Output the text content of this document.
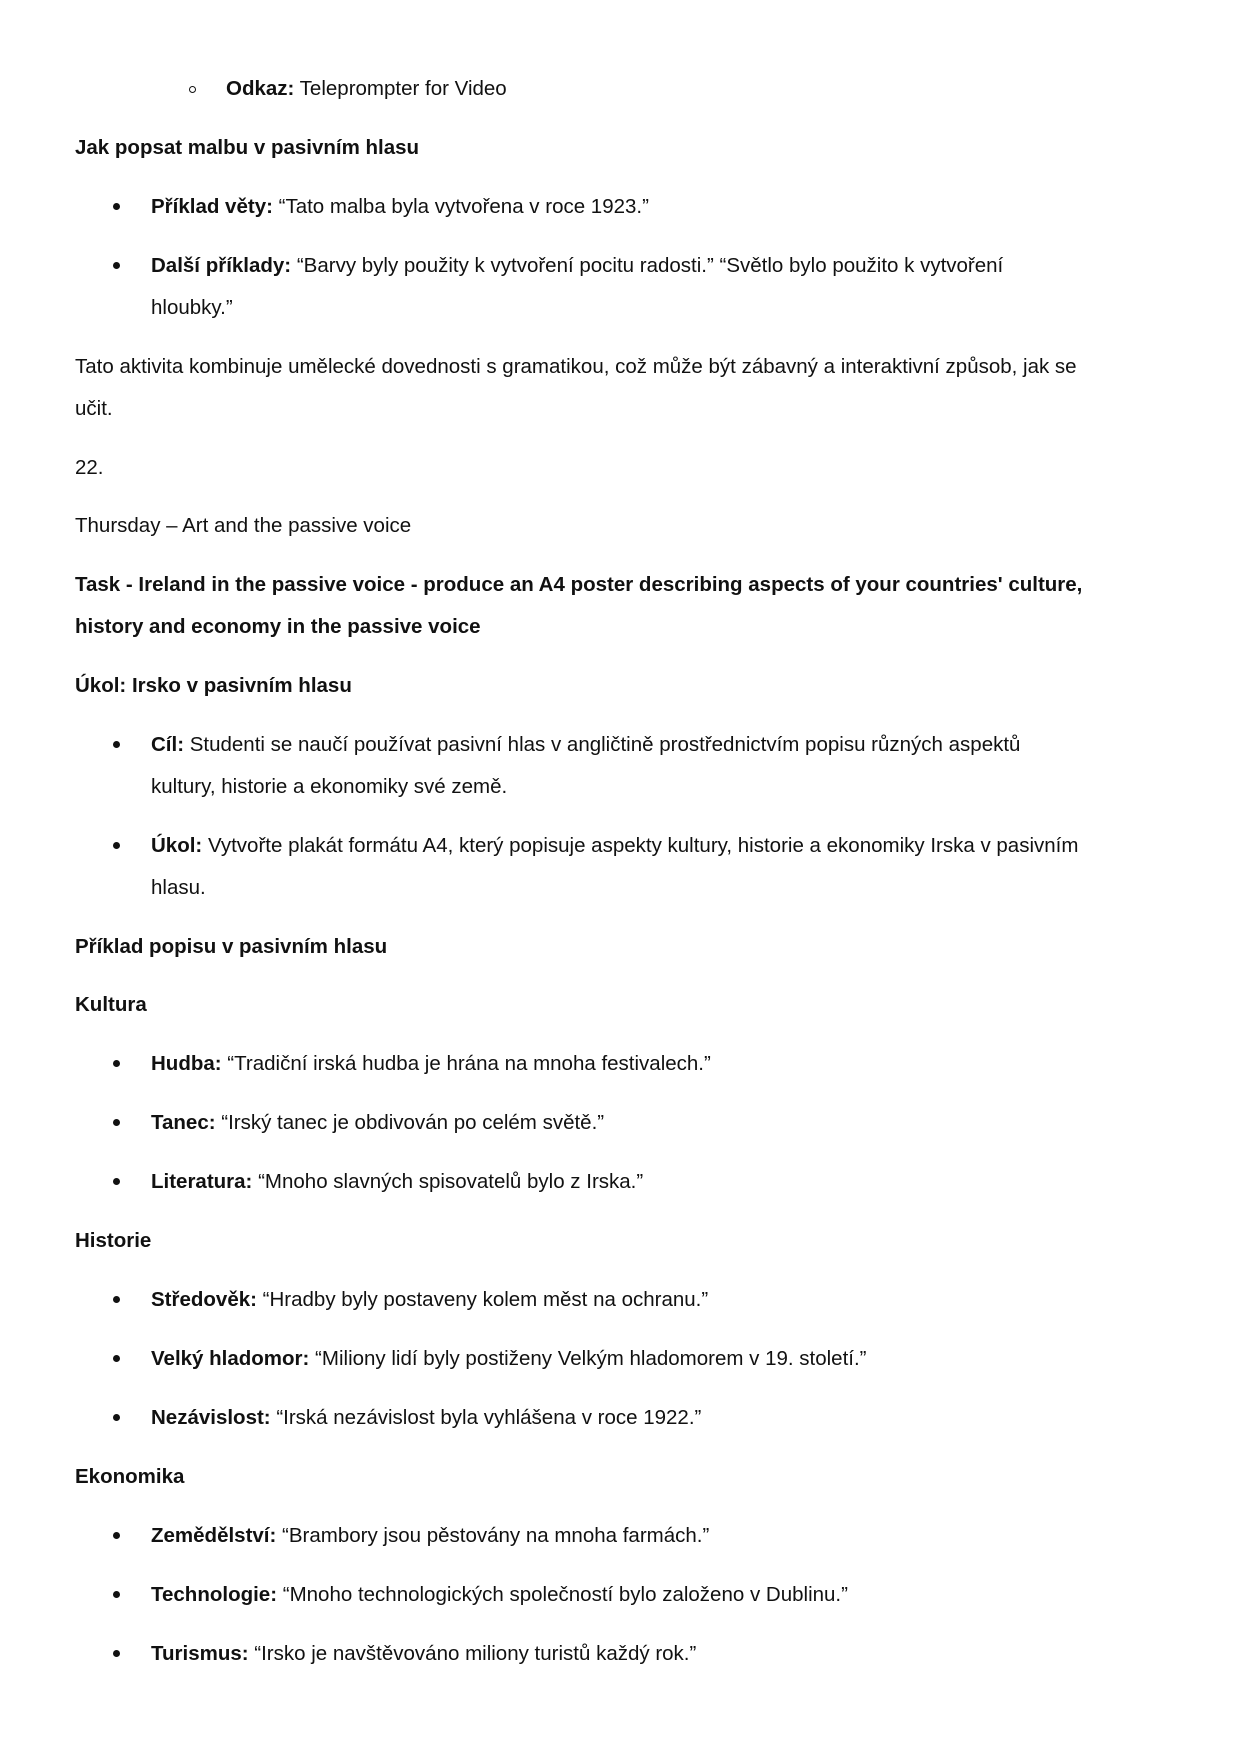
Odkaz: Teleprompter for Video
Jak popsat malbu v pasivním hlasu
Příklad věty: “Tato malba byla vytvořena v roce 1923.”
Další příklady: “Barvy byly použity k vytvoření pocitu radosti.” “Světlo bylo použito k vytvoření
hloubky.”
Tato aktivita kombinuje umělecké dovednosti s gramatikou, což může být zábavný a interaktivní způsob, jak se
učit.
22.
Thursday – Art and the passive voice
Task - Ireland in the passive voice - produce an A4 poster describing aspects of your countries' culture,
history and economy in the passive voice
Úkol: Irsko v pasivním hlasu
Cíl: Studenti se naučí používat pasivní hlas v angličtině prostřednictvím popisu různých aspektů
kultury, historie a ekonomiky své země.
Úkol: Vytvořte plakát formátu A4, který popisuje aspekty kultury, historie a ekonomiky Irska v pasivním
hlasu.
Příklad popisu v pasivním hlasu
Kultura
Hudba: “Tradiční irská hudba je hrána na mnoha festivalech.”
Tanec: “Irský tanec je obdivován po celém světě.”
Literatura: “Mnoho slavných spisovatelů bylo z Irska.”
Historie
Středověk: “Hradby byly postaveny kolem měst na ochranu.”
Velký hladomor: “Miliony lidí byly postiženy Velkým hladomorem v 19. století.”
Nezávislost: “Irská nezávislost byla vyhlášena v roce 1922.”
Ekonomika
Zemědělství: “Brambory jsou pěstovány na mnoha farmách.”
Technologie: “Mnoho technologických společností bylo založeno v Dublinu.”
Turismus: “Irsko je navštěvováno miliony turistů každý rok.”
